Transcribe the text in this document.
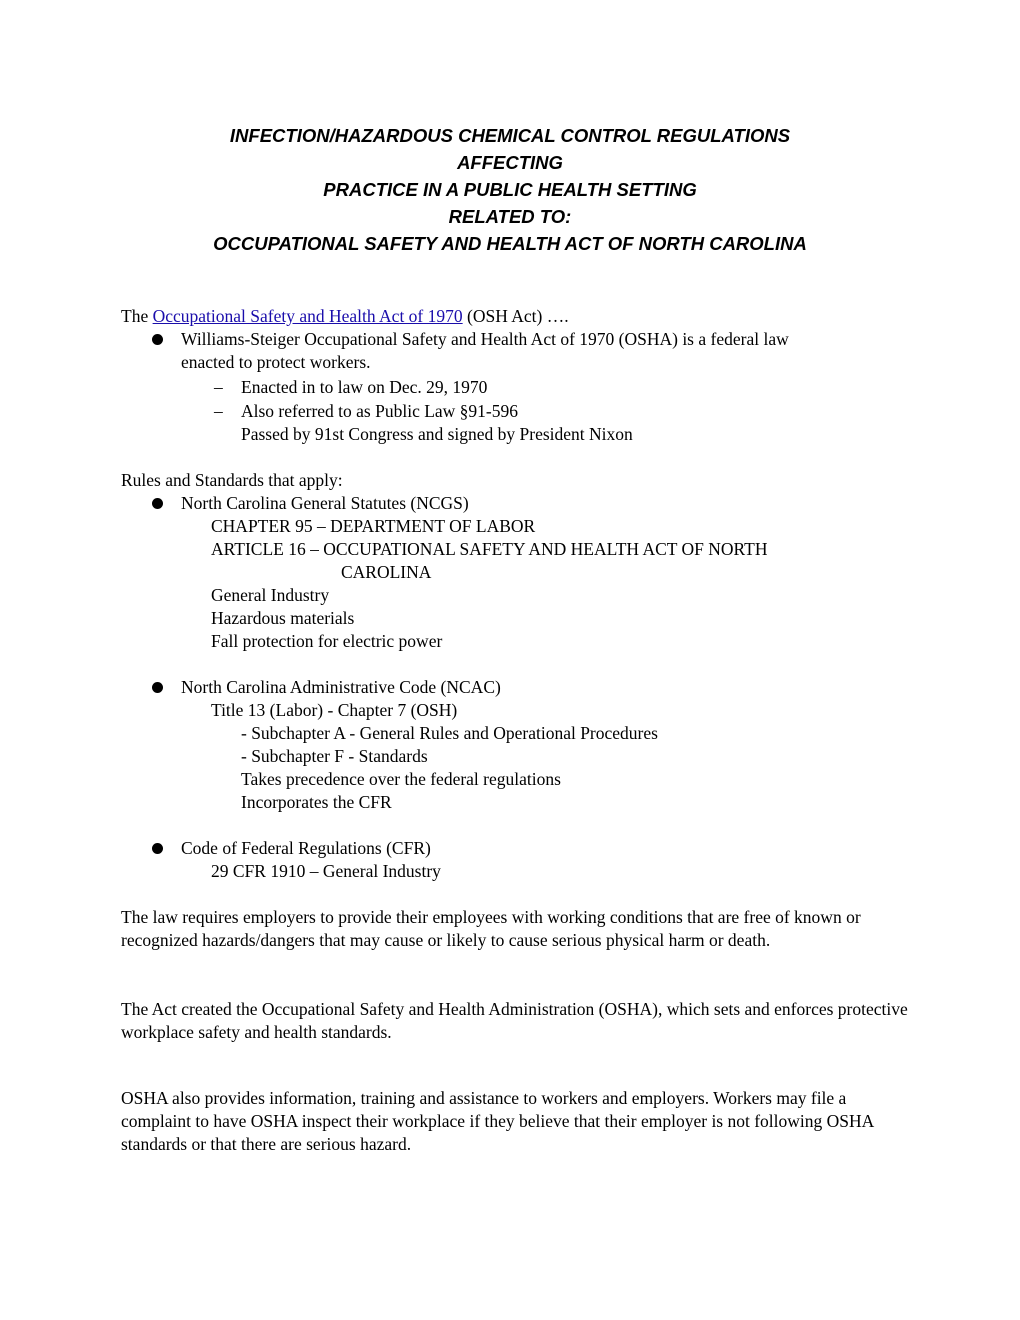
INFECTION/HAZARDOUS CHEMICAL CONTROL REGULATIONS
AFFECTING
PRACTICE IN A PUBLIC HEALTH SETTING
RELATED TO:
OCCUPATIONAL SAFETY AND HEALTH ACT OF NORTH CAROLINA
The Occupational Safety and Health Act of 1970 (OSH Act) ….
Williams-Steiger Occupational Safety and Health Act of 1970 (OSHA) is a federal law
enacted to protect workers.
– Enacted in to law on Dec. 29, 1970
– Also referred to as Public Law §91-596
Passed by 91st Congress and signed by President Nixon
Rules and Standards that apply:
North Carolina General Statutes (NCGS)
CHAPTER 95 – DEPARTMENT OF LABOR
ARTICLE 16 – OCCUPATIONAL SAFETY AND HEALTH ACT OF NORTH
CAROLINA
General Industry
Hazardous materials
Fall protection for electric power
North Carolina Administrative Code (NCAC)
Title 13 (Labor) - Chapter 7 (OSH)
- Subchapter A - General Rules and Operational Procedures
- Subchapter F - Standards
Takes precedence over the federal regulations
Incorporates the CFR
Code of Federal Regulations (CFR)
29 CFR 1910 – General Industry
The law requires employers to provide their employees with working conditions that are free of known or recognized hazards/dangers that may cause or likely to cause serious physical harm or death.
The Act created the Occupational Safety and Health Administration (OSHA), which sets and enforces protective workplace safety and health standards.
OSHA also provides information, training and assistance to workers and employers. Workers may file a complaint to have OSHA inspect their workplace if they believe that their employer is not following OSHA standards or that there are serious hazard.
